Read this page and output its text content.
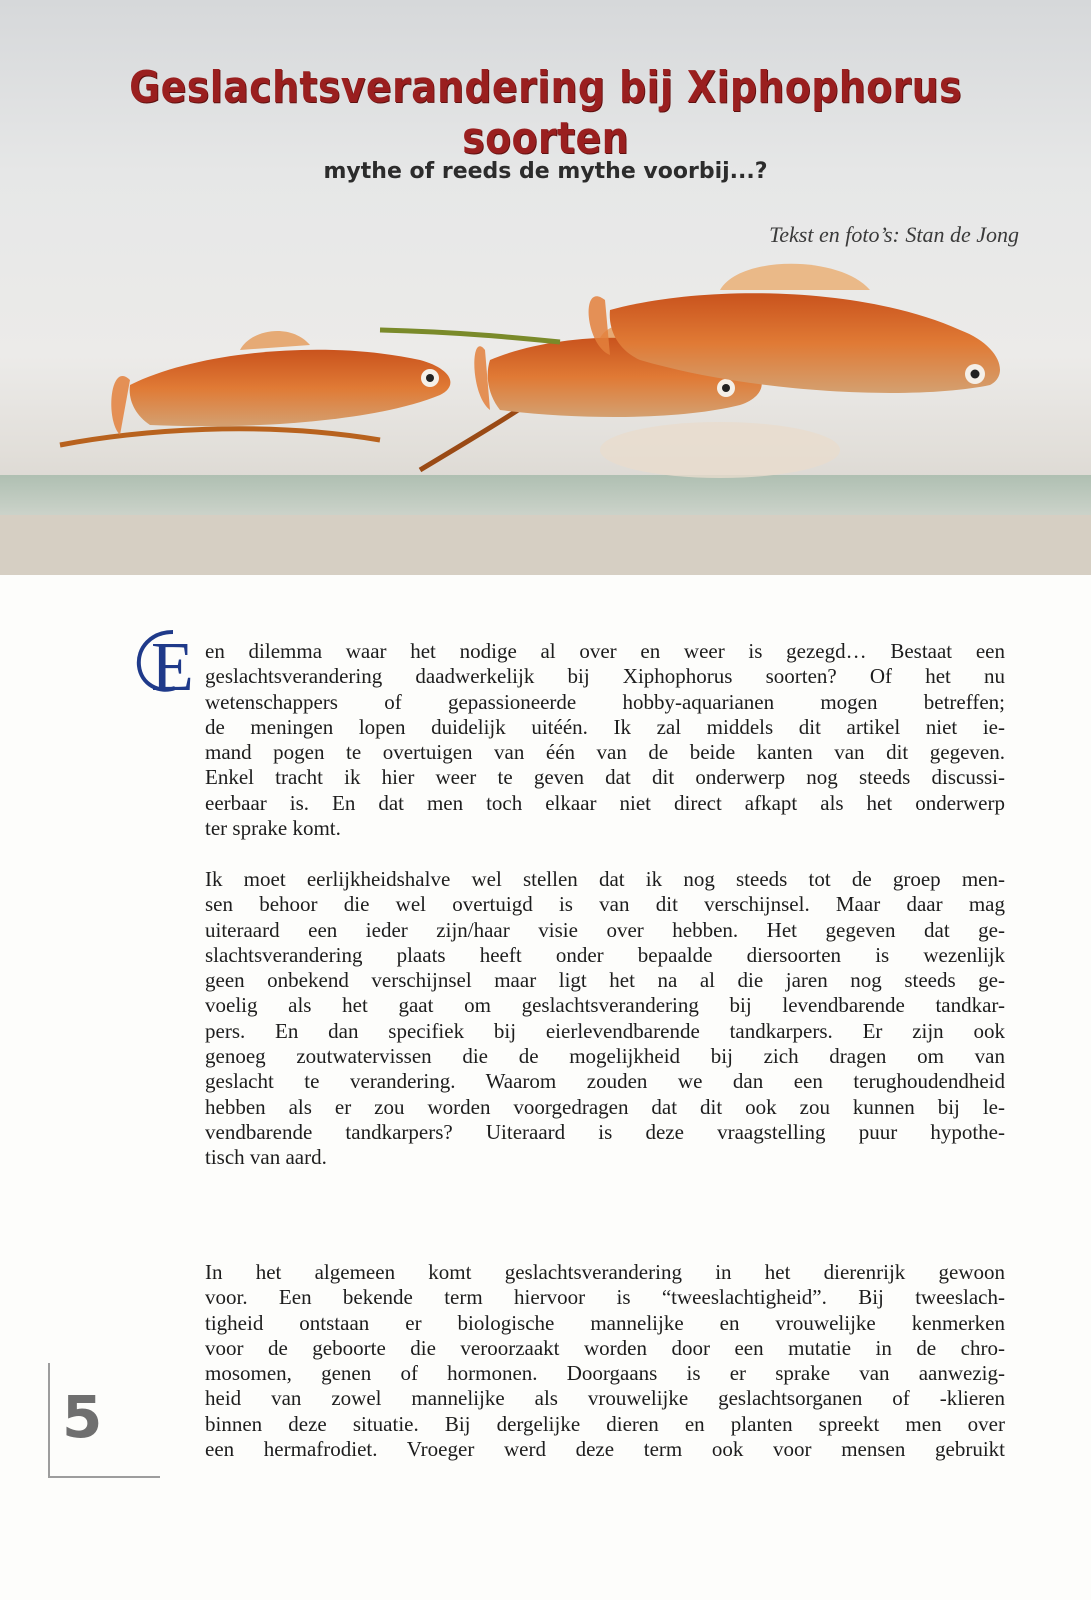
Geslachtsverandering bij Xiphophorus soorten
mythe of reeds de mythe voorbij...?
Tekst en foto’s: Stan de Jong
E en dilemma waar het nodige al over en weer is gezegd… Bestaat een
geslachtsverandering daadwerkelijk bij Xiphophorus soorten? Of het nu
wetenschappers of gepassioneerde hobby-aquarianen mogen betreffen;
de meningen lopen duidelijk uitéén. Ik zal middels dit artikel niet ie-
mand pogen te overtuigen van één van de beide kanten van dit gegeven.
Enkel tracht ik hier weer te geven dat dit onderwerp nog steeds discussi-
eerbaar is. En dat men toch elkaar niet direct afkapt als het onderwerp
ter sprake komt.
Ik moet eerlijkheidshalve wel stellen dat ik nog steeds tot de groep men-
sen behoor die wel overtuigd is van dit verschijnsel. Maar daar mag
uiteraard een ieder zijn/haar visie over hebben. Het gegeven dat ge-
slachtsverandering plaats heeft onder bepaalde diersoorten is wezenlijk
geen onbekend verschijnsel maar ligt het na al die jaren nog steeds ge-
voelig als het gaat om geslachtsverandering bij levendbarende tandkar-
pers. En dan specifiek bij eierlevendbarende tandkarpers. Er zijn ook
genoeg zoutwatervissen die de mogelijkheid bij zich dragen om van
geslacht te verandering. Waarom zouden we dan een terughoudendheid
hebben als er zou worden voorgedragen dat dit ook zou kunnen bij le-
vendbarende tandkarpers? Uiteraard is deze vraagstelling puur hypothe-
tisch van aard.
In het algemeen komt geslachtsverandering in het dierenrijk gewoon
voor. Een bekende term hiervoor is “tweeslachtigheid”. Bij tweeslach-
tigheid ontstaan er biologische mannelijke en vrouwelijke kenmerken
voor de geboorte die veroorzaakt worden door een mutatie in de chro-
mosomen, genen of hormonen. Doorgaans is er sprake van aanwezig-
heid van zowel mannelijke als vrouwelijke geslachtsorganen of -klieren
binnen deze situatie. Bij dergelijke dieren en planten spreekt men over
een hermafrodiet. Vroeger werd deze term ook voor mensen gebruikt
5
